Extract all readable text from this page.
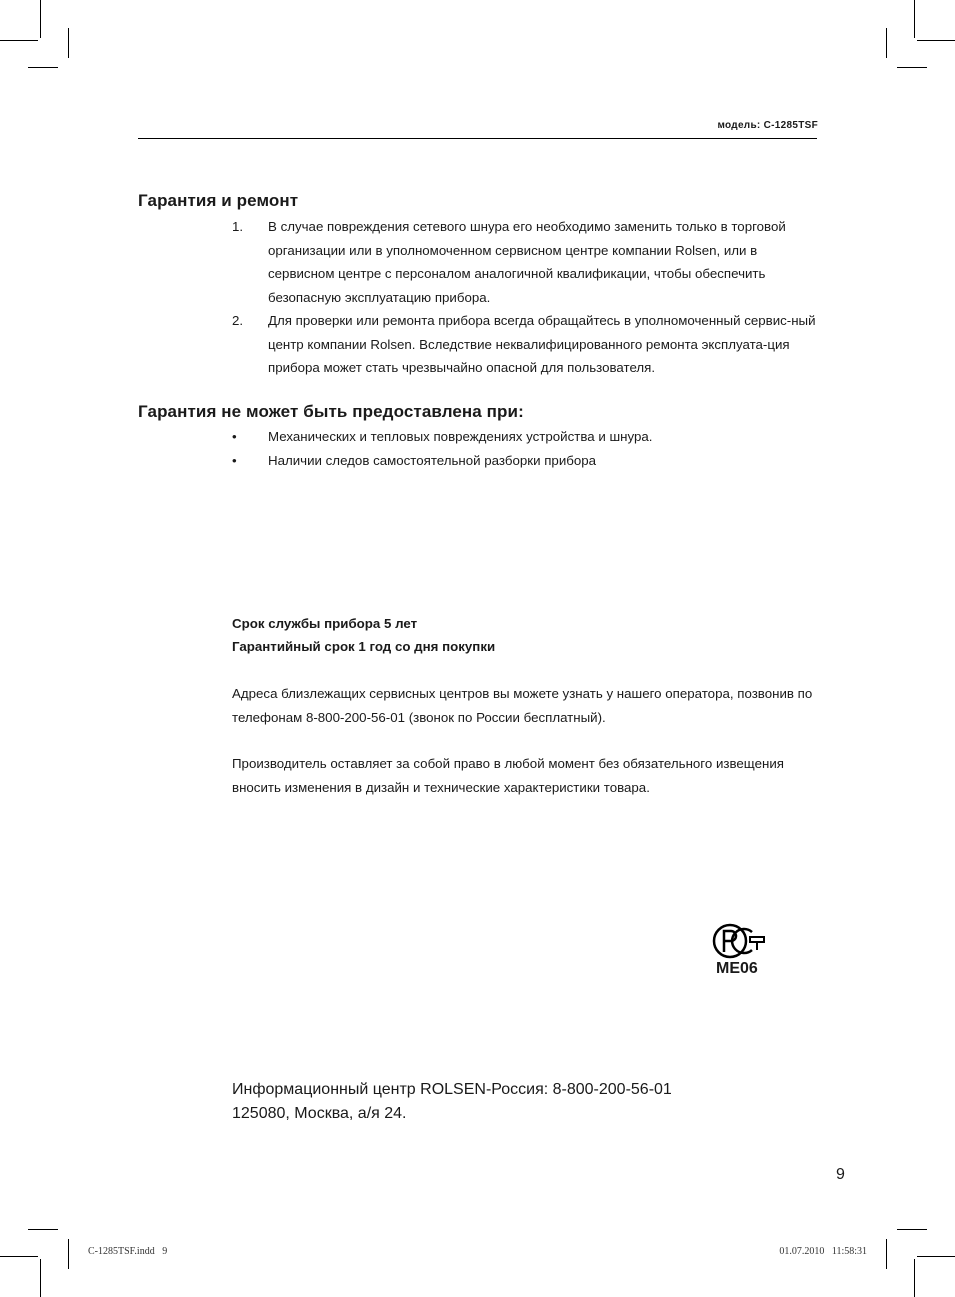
модель: C-1285TSF
Гарантия и ремонт
1. В случае повреждения сетевого шнура его необходимо заменить только в торговой организации или в уполномоченном сервисном центре компании Rolsen, или в сервисном центре с персоналом аналогичной квалификации, чтобы обеспечить безопасную эксплуатацию прибора.
2. Для проверки или ремонта прибора всегда обращайтесь в уполномоченный сервис-ный центр компании Rolsen. Вследствие неквалифицированного ремонта эксплуата-ция прибора может стать чрезвычайно опасной для пользователя.
Гарантия не может быть предоставлена при:
• Механических и тепловых повреждениях устройства и шнура.
• Наличии следов самостоятельной разборки прибора
Срок службы прибора 5 лет
Гарантийный срок 1 год со дня покупки
Адреса близлежащих сервисных центров вы можете узнать у нашего оператора, позвонив по телефонам 8-800-200-56-01 (звонок по России бесплатный).
Производитель оставляет за собой право в любой момент без обязательного извещения вносить изменения в дизайн и технические характеристики товара.
ME06
Информационный центр ROLSEN-Россия: 8-800-200-56-01
125080, Москва, а/я 24.
9
C-1285TSF.indd   9	01.07.2010   11:58:31
